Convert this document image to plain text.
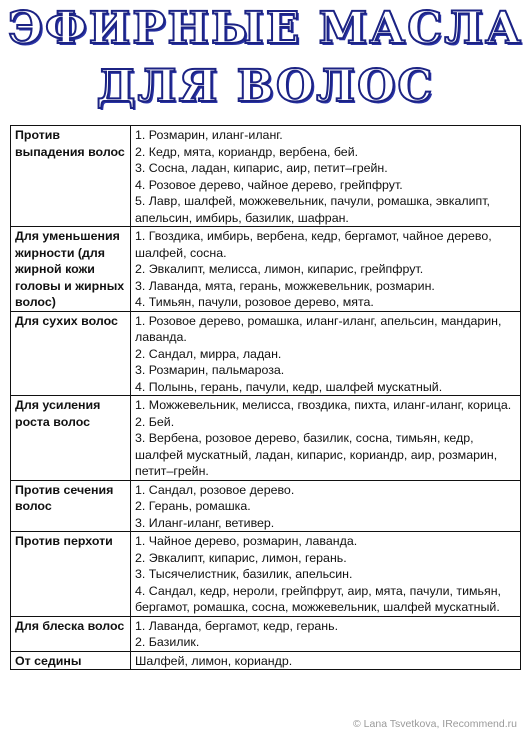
ЭФИРНЫЕ МАСЛА
ДЛЯ ВОЛОС
Против выпадения волос	1. Розмарин, иланг-иланг.
2. Кедр, мята, кориандр, вербена, бей.
3. Сосна, ладан, кипарис, аир, петит–грейн.
4. Розовое дерево, чайное дерево, грейпфрут.
5. Лавр, шалфей, можжевельник, пачули, ромашка, эвкалипт, апельсин, имбирь, базилик, шафран.

Для уменьшения жирности (для жирной кожи головы и жирных волос)	1. Гвоздика, имбирь, вербена, кедр, бергамот, чайное дерево, шалфей, сосна.
2. Эвкалипт, мелисса, лимон, кипарис, грейпфрут.
3. Лаванда, мята, герань, можжевельник, розмарин.
4. Тимьян, пачули, розовое дерево, мята.

Для сухих волос	1. Розовое дерево, ромашка, иланг-иланг, апельсин, мандарин, лаванда.
2. Сандал, мирра, ладан.
3. Розмарин, пальмароза.
4. Полынь, герань, пачули, кедр, шалфей мускатный.

Для усиления роста волос	1. Можжевельник, мелисса, гвоздика, пихта, иланг-иланг, корица.
2. Бей.
3. Вербена, розовое дерево, базилик, сосна, тимьян, кедр, шалфей мускатный, ладан, кипарис, кориандр, аир, розмарин, петит–грейн.

Против сечения волос	1. Сандал, розовое дерево.
2. Герань, ромашка.
3. Иланг-иланг, ветивер.

Против перхоти	1. Чайное дерево, розмарин, лаванда.
2. Эвкалипт, кипарис, лимон, герань.
3. Тысячелистник, базилик, апельсин.
4. Сандал, кедр, нероли, грейпфрут, аир, мята, пачули, тимьян, бергамот, ромашка, сосна, можжевельник, шалфей мускатный.

Для блеска волос	1. Лаванда, бергамот, кедр, герань.
2. Базилик.

От седины	Шалфей, лимон, кориандр.
© Lana Tsvetkova, IRecommend.ru
